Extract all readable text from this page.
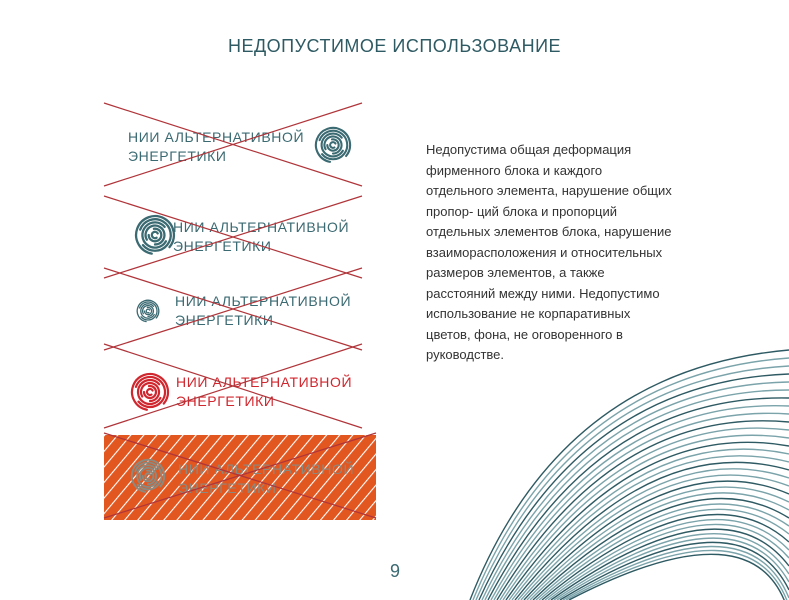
НЕДОПУСТИМОЕ ИСПОЛЬЗОВАНИЕ
НИИ АЛЬТЕРНАТИВНОЙ
ЭНЕРГЕТИКИ
НИИ АЛЬТЕРНАТИВНОЙ
ЭНЕРГЕТИКИ
НИИ АЛЬТЕРНАТИВНОЙ
ЭНЕРГЕТИКИ
НИИ АЛЬТЕРНАТИВНОЙ
ЭНЕРГЕТИКИ
НИИ АЛЬТЕРНАТИВНОЙ
ЭНЕРГЕТИКИ
Недопустима общая деформация
фирменного блока и каждого
отдельного элемента, нарушение общих
пропор- ций блока и пропорций
отдельных элементов блока, нарушение
взаиморасположения и относительных
размеров элементов, а также
расстояний между ними. Недопустимо
использование не корпаративных
цветов, фона, не оговоренного в
руководстве.
9
